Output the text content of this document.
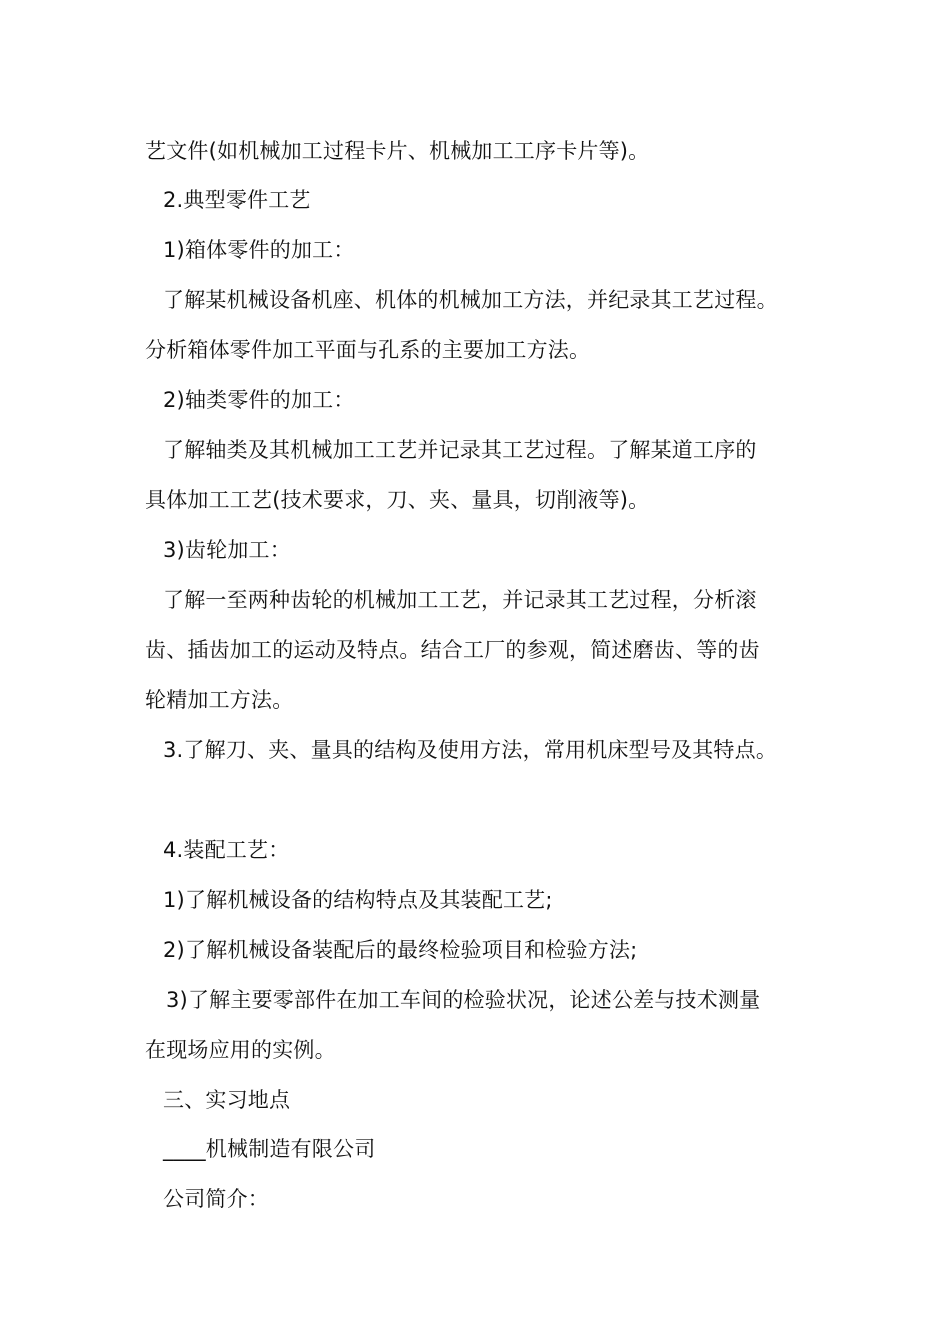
艺文件(如机械加工过程卡片、机械加工工序卡片等)。
2.典型零件工艺
1)箱体零件的加工：
了解某机械设备机座、机体的机械加工方法，并纪录其工艺过程。
分析箱体零件加工平面与孔系的主要加工方法。
2)轴类零件的加工：
了解轴类及其机械加工工艺并记录其工艺过程。了解某道工序的
具体加工工艺(技术要求，刀、夹、量具，切削液等)。
3)齿轮加工：
了解一至两种齿轮的机械加工工艺，并记录其工艺过程，分析滚
齿、插齿加工的运动及特点。结合工厂的参观，简述磨齿、等的齿
轮精加工方法。
3.了解刀、夹、量具的结构及使用方法，常用机床型号及其特点。
4.装配工艺：
1)了解机械设备的结构特点及其装配工艺;
2)了解机械设备装配后的最终检验项目和检验方法;
3)了解主要零部件在加工车间的检验状况，论述公差与技术测量
在现场应用的实例。
三、实习地点
____机械制造有限公司
公司简介：
